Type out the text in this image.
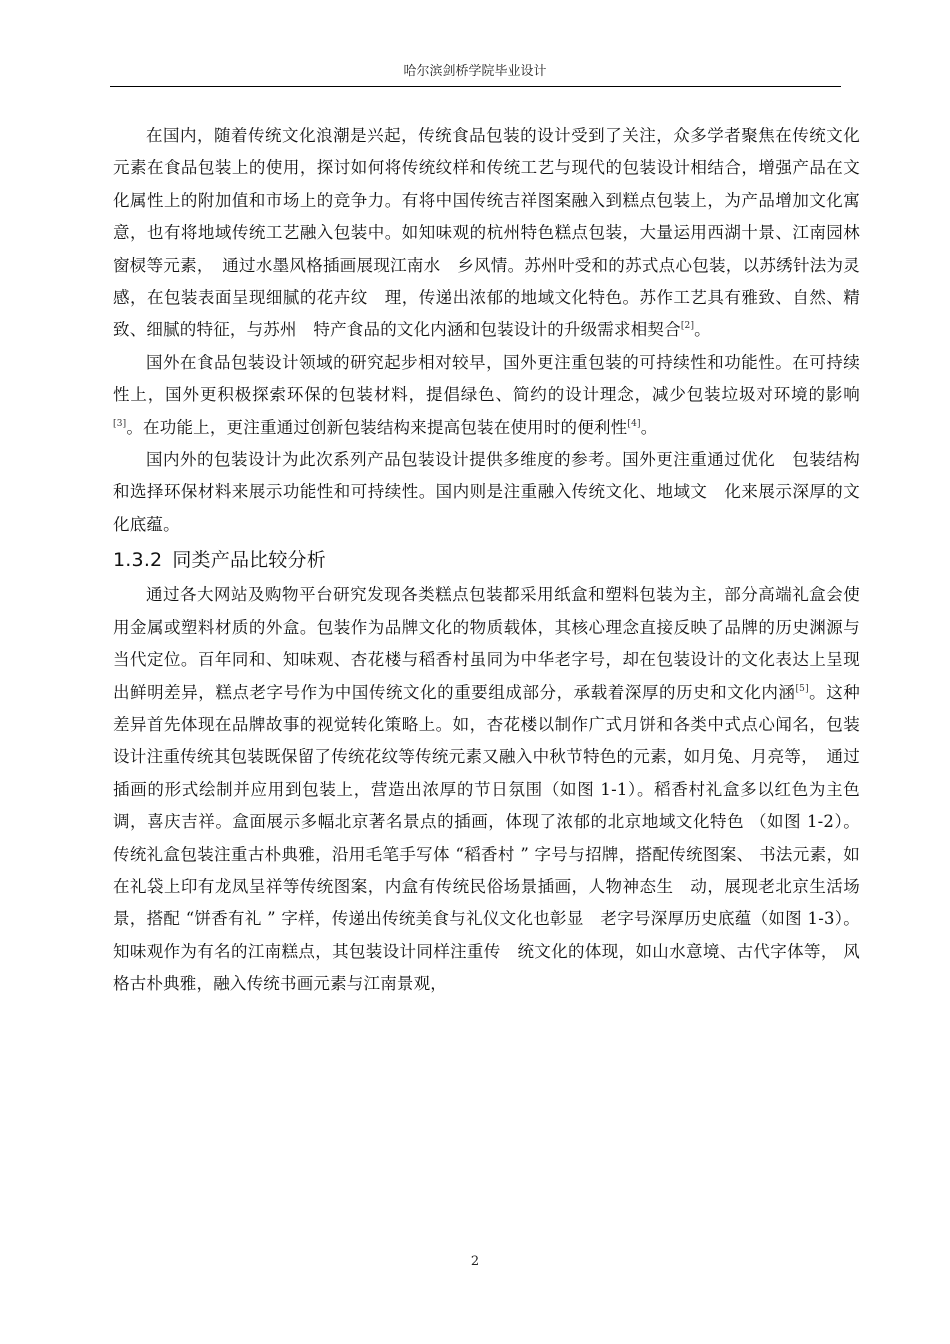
哈尔滨剑桥学院毕业设计

在国内，随着传统文化浪潮是兴起，传统食品包装的设计受到了关注，众多学者聚焦在传统文化元素在食品包装上的使用，探讨如何将传统纹样和传统工艺与现代的包装设计相结合，增强产品在文化属性上的附加值和市场上的竞争力。有将中国传统吉祥图案融入到糕点包装上，为产品增加文化寓意，也有将地域传统工艺融入包装中。如知味观的杭州特色糕点包装，大量运用西湖十景、江南园林窗棂等元素，　通过水墨风格插画展现江南水　乡风情。苏州叶受和的苏式点心包装，以苏绣针法为灵感，在包装表面呈现细腻的花卉纹　理，传递出浓郁的地域文化特色。苏作工艺具有雅致、自然、精致、细腻的特征，与苏州　特产食品的文化内涵和包装设计的升级需求相契合[2]。

国外在食品包装设计领域的研究起步相对较早，国外更注重包装的可持续性和功能性。在可持续性上，国外更积极探索环保的包装材料，提倡绿色、简约的设计理念，减少包装垃圾对环境的影响[3]。在功能上，更注重通过创新包装结构来提高包装在使用时的便利性[4]。

国内外的包装设计为此次系列产品包装设计提供多维度的参考。国外更注重通过优化　包装结构和选择环保材料来展示功能性和可持续性。国内则是注重融入传统文化、地域文　化来展示深厚的文化底蕴。

1.3.2 同类产品比较分析

通过各大网站及购物平台研究发现各类糕点包装都采用纸盒和塑料包装为主，部分高端礼盒会使用金属或塑料材质的外盒。包装作为品牌文化的物质载体，其核心理念直接反映了品牌的历史渊源与当代定位。百年同和、知味观、杏花楼与稻香村虽同为中华老字号，却在包装设计的文化表达上呈现出鲜明差异，糕点老字号作为中国传统文化的重要组成部分，承载着深厚的历史和文化内涵[5]。这种差异首先体现在品牌故事的视觉转化策略上。如，杏花楼以制作广式月饼和各类中式点心闻名，包装设计注重传统其包装既保留了传统花纹等传统元素又融入中秋节特色的元素，如月兔、月亮等，　通过插画的形式绘制并应用到包装上，营造出浓厚的节日氛围（如图 1-1）。稻香村礼盒多以红色为主色调，喜庆吉祥。盒面展示多幅北京著名景点的插画，体现了浓郁的北京地域文化特色 （如图 1-2）。传统礼盒包装注重古朴典雅，沿用毛笔手写体 “稻香村 ” 字号与招牌，搭配传统图案、 书法元素，如在礼袋上印有龙凤呈祥等传统图案，内盒有传统民俗场景插画，人物神态生　动，展现老北京生活场景，搭配 “饼香有礼 ” 字样，传递出传统美食与礼仪文化也彰显　老字号深厚历史底蕴（如图 1-3）。知味观作为有名的江南糕点，其包装设计同样注重传　统文化的体现，如山水意境、古代字体等， 风格古朴典雅，融入传统书画元素与江南景观，

2
